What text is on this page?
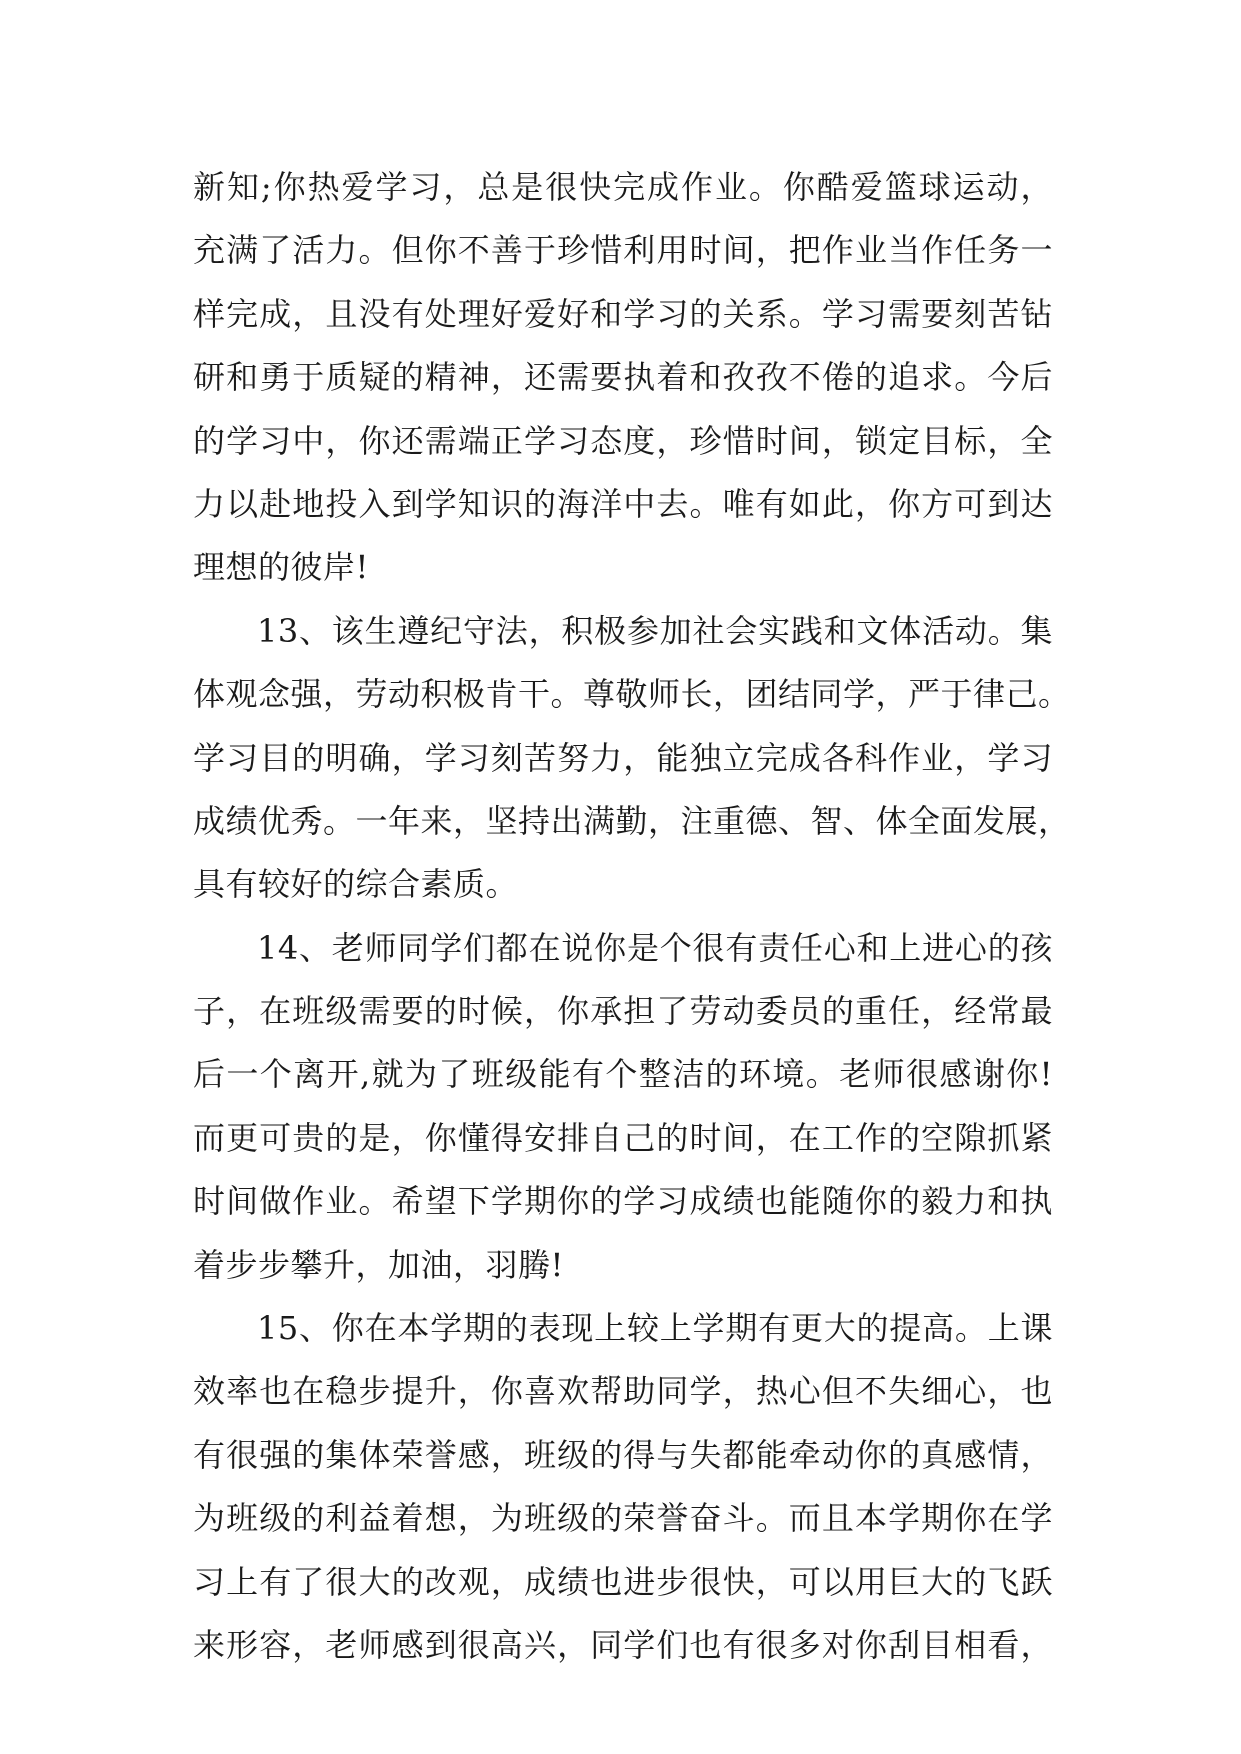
新知;你热爱学习，总是很快完成作业。你酷爱篮球运动，
充满了活力。但你不善于珍惜利用时间，把作业当作任务一
样完成，且没有处理好爱好和学习的关系。学习需要刻苦钻
研和勇于质疑的精神，还需要执着和孜孜不倦的追求。今后
的学习中，你还需端正学习态度，珍惜时间，锁定目标，全
力以赴地投入到学知识的海洋中去。唯有如此，你方可到达
理想的彼岸!
13、该生遵纪守法，积极参加社会实践和文体活动。集
体观念强，劳动积极肯干。尊敬师长，团结同学，严于律己。
学习目的明确，学习刻苦努力，能独立完成各科作业，学习
成绩优秀。一年来，坚持出满勤，注重德、智、体全面发展，
具有较好的综合素质。
14、老师同学们都在说你是个很有责任心和上进心的孩
子，在班级需要的时候，你承担了劳动委员的重任，经常最
后一个离开,就为了班级能有个整洁的环境。老师很感谢你!
而更可贵的是，你懂得安排自己的时间，在工作的空隙抓紧
时间做作业。希望下学期你的学习成绩也能随你的毅力和执
着步步攀升，加油，羽腾!
15、你在本学期的表现上较上学期有更大的提高。上课
效率也在稳步提升，你喜欢帮助同学，热心但不失细心，也
有很强的集体荣誉感，班级的得与失都能牵动你的真感情，
为班级的利益着想，为班级的荣誉奋斗。而且本学期你在学
习上有了很大的改观，成绩也进步很快，可以用巨大的飞跃
来形容，老师感到很高兴，同学们也有很多对你刮目相看，
